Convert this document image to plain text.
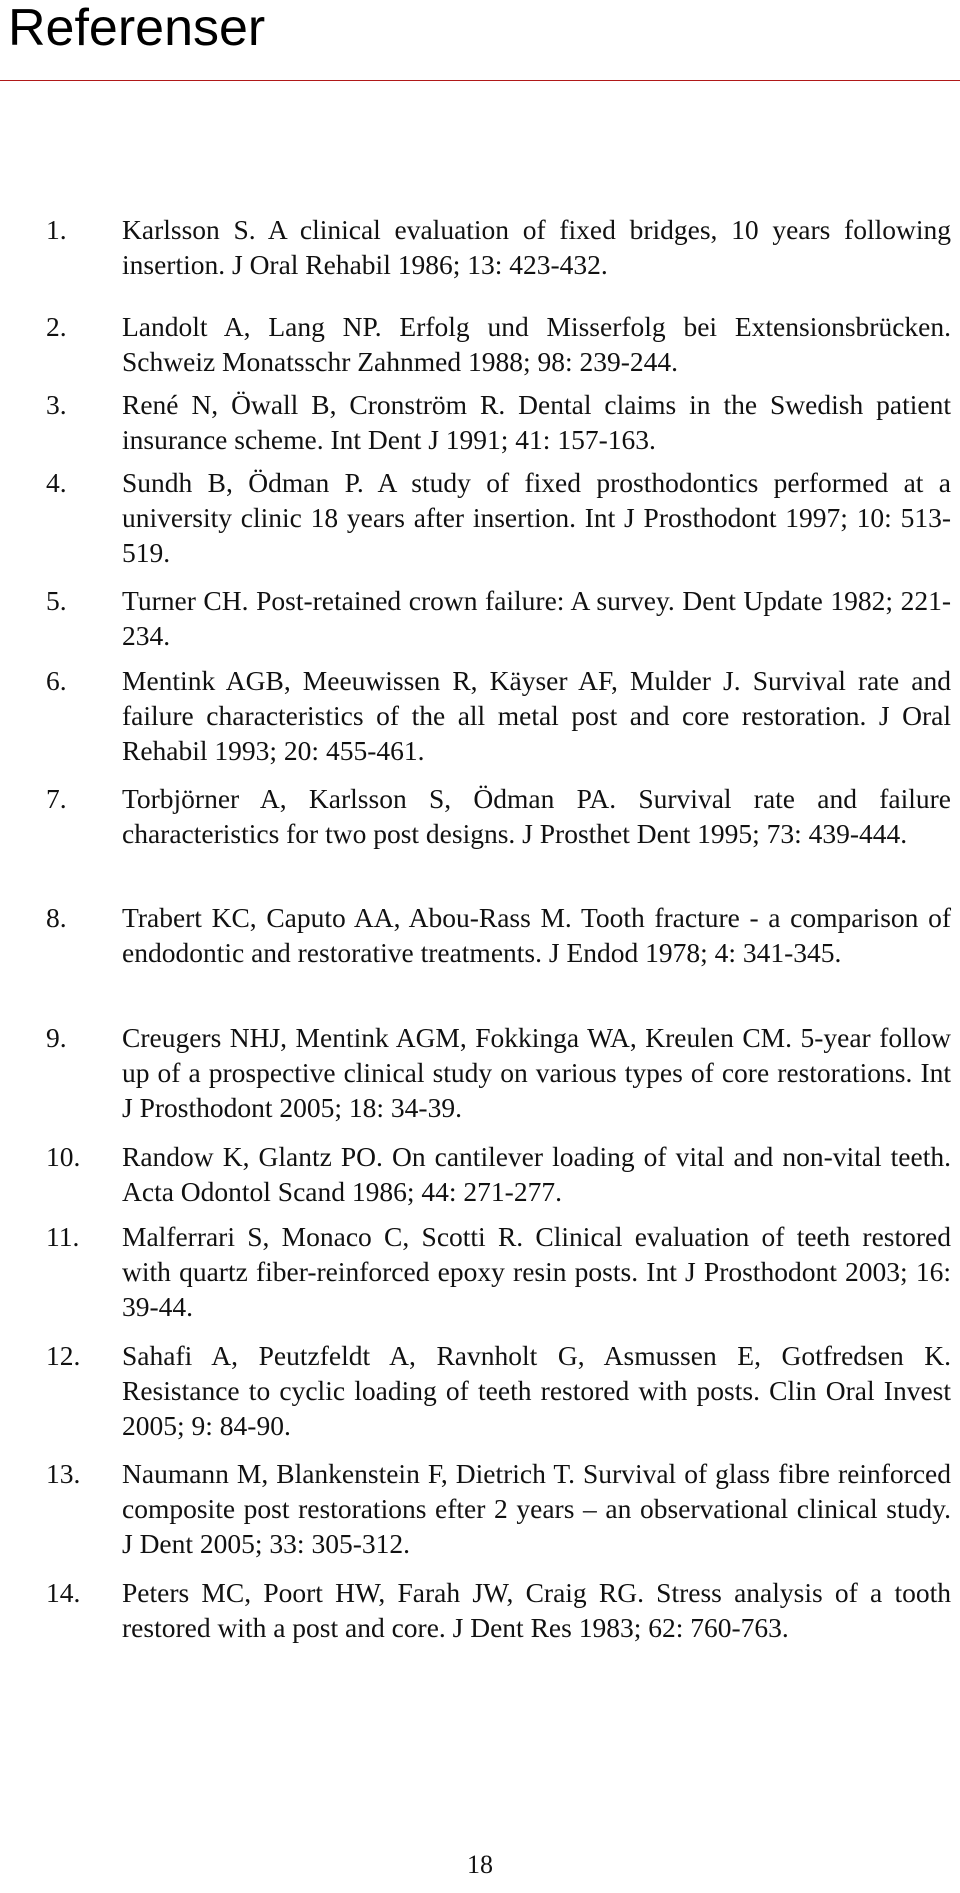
Referenser
1.	Karlsson S. A clinical evaluation of fixed bridges, 10 years following insertion. J Oral Rehabil 1986; 13: 423-432.
2.	Landolt A, Lang NP. Erfolg und Misserfolg bei Extensionsbrücken. Schweiz Monatsschr Zahnmed 1988; 98: 239-244.
3.	René N, Öwall B, Cronström R. Dental claims in the Swedish patient insurance scheme. Int Dent J 1991; 41: 157-163.
4.	Sundh B, Ödman P. A study of fixed prosthodontics performed at a university clinic 18 years after insertion. Int J Prosthodont 1997; 10: 513-519.
5.	Turner CH. Post-retained crown failure: A survey. Dent Update 1982; 221-234.
6.	Mentink AGB, Meeuwissen R, Käyser AF, Mulder J. Survival rate and failure characteristics of the all metal post and core restoration. J Oral Rehabil 1993; 20: 455-461.
7.	Torbjörner A, Karlsson S, Ödman PA. Survival rate and failure characteristics for two post designs. J Prosthet Dent 1995; 73: 439-444.
8.	Trabert KC, Caputo AA, Abou-Rass M. Tooth fracture - a comparison of endodontic and restorative treatments. J Endod 1978; 4: 341-345.
9.	Creugers NHJ, Mentink AGM, Fokkinga WA, Kreulen CM. 5-year follow up of a prospective clinical study on various types of core restorations. Int J Prosthodont 2005; 18: 34-39.
10.	Randow K, Glantz PO. On cantilever loading of vital and non-vital teeth. Acta Odontol Scand 1986; 44: 271-277.
11.	Malferrari S, Monaco C, Scotti R. Clinical evaluation of teeth restored with quartz fiber-reinforced epoxy resin posts. Int J Prosthodont 2003; 16: 39-44.
12.	Sahafi A, Peutzfeldt A, Ravnholt G, Asmussen E, Gotfredsen K. Resistance to cyclic loading of teeth restored with posts. Clin Oral Invest 2005; 9: 84-90.
13.	Naumann M, Blankenstein F, Dietrich T. Survival of glass fibre reinforced composite post restorations efter 2 years – an observational clinical study. J Dent 2005; 33: 305-312.
14.	Peters MC, Poort HW, Farah JW, Craig RG. Stress analysis of a tooth restored with a post and core. J Dent Res 1983; 62: 760-763.
18
